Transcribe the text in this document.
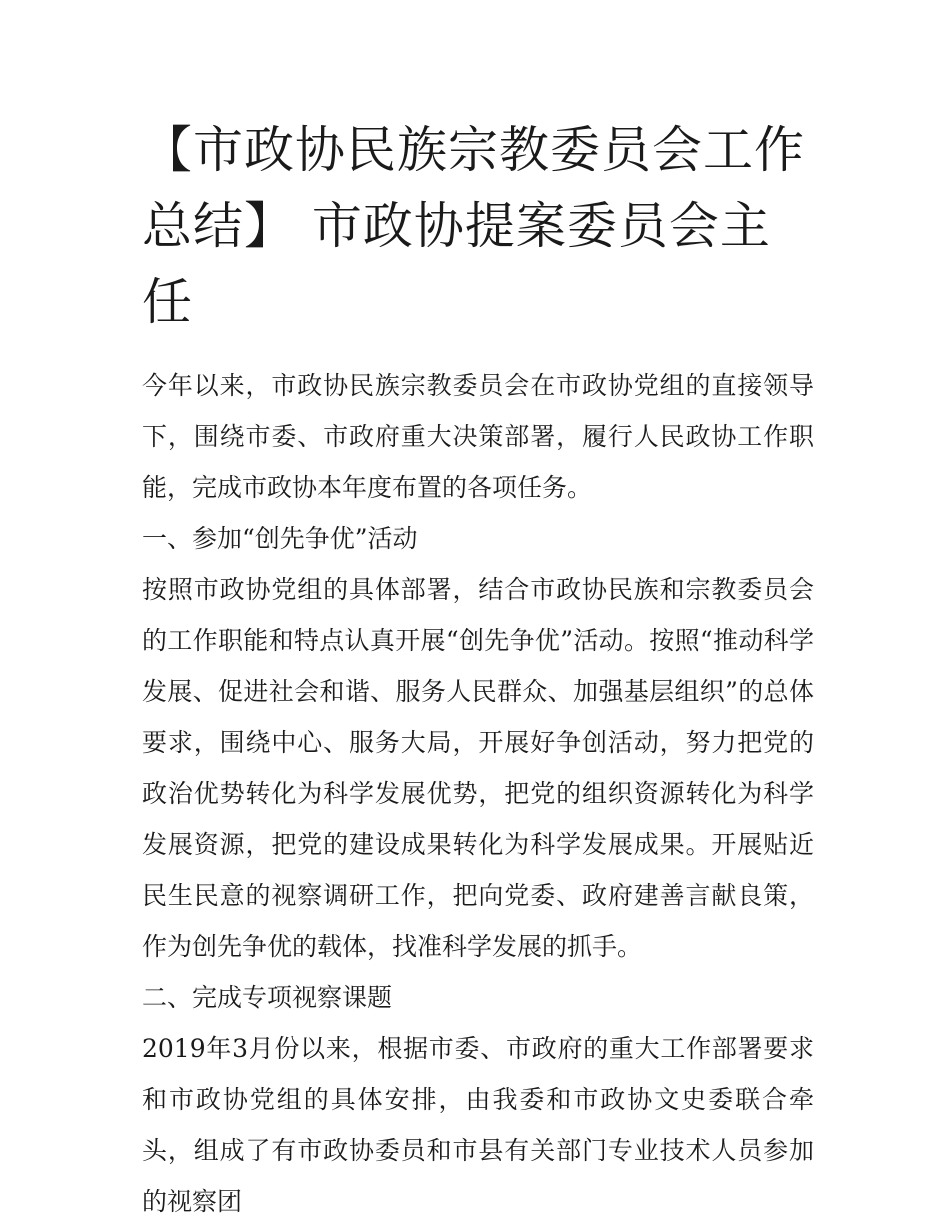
【市政协民族宗教委员会工作总结】 市政协提案委员会主任

今年以来，市政协民族宗教委员会在市政协党组的直接领导下，围绕市委、市政府重大决策部署，履行人民政协工作职能，完成市政协本年度布置的各项任务。

一、参加“创先争优”活动

按照市政协党组的具体部署，结合市政协民族和宗教委员会的工作职能和特点认真开展“创先争优”活动。按照“推动科学发展、促进社会和谐、服务人民群众、加强基层组织”的总体要求，围绕中心、服务大局，开展好争创活动，努力把党的政治优势转化为科学发展优势，把党的组织资源转化为科学发展资源，把党的建设成果转化为科学发展成果。开展贴近民生民意的视察调研工作，把向党委、政府建善言献良策，作为创先争优的载体，找准科学发展的抓手。

二、完成专项视察课题

2019年3月份以来，根据市委、市政府的重大工作部署要求和市政协党组的具体安排，由我委和市政协文史委联合牵头，组成了有市政协委员和市县有关部门专业技术人员参加的视察团
